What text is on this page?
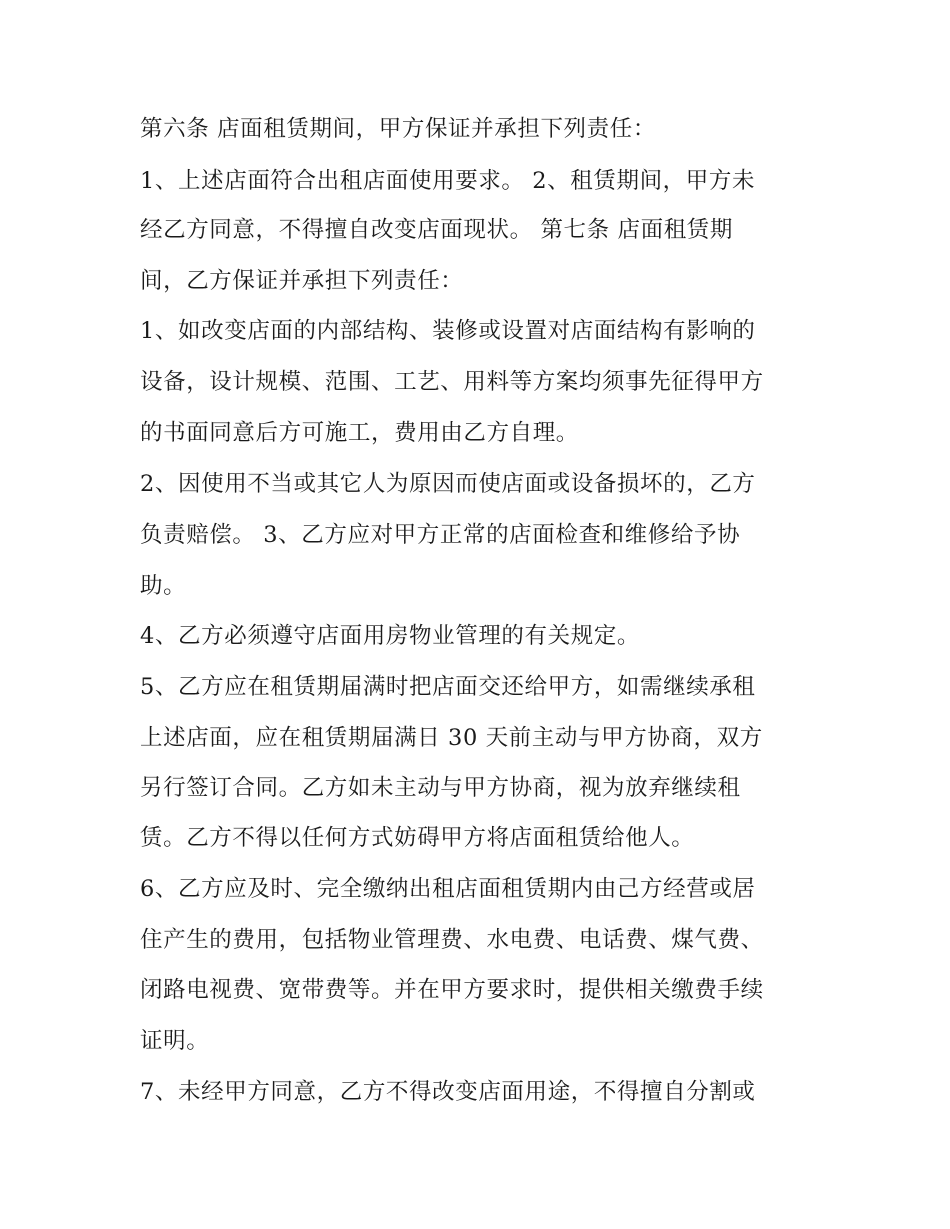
第六条 店面租赁期间，甲方保证并承担下列责任：
1、上述店面符合出租店面使用要求。 2、租赁期间，甲方未
经乙方同意，不得擅自改变店面现状。 第七条 店面租赁期
间，乙方保证并承担下列责任：
1、如改变店面的内部结构、装修或设置对店面结构有影响的
设备，设计规模、范围、工艺、用料等方案均须事先征得甲方
的书面同意后方可施工，费用由乙方自理。
2、因使用不当或其它人为原因而使店面或设备损坏的，乙方
负责赔偿。 3、乙方应对甲方正常的店面检查和维修给予协
助。
4、乙方必须遵守店面用房物业管理的有关规定。
5、乙方应在租赁期届满时把店面交还给甲方，如需继续承租
上述店面，应在租赁期届满日 30 天前主动与甲方协商，双方
另行签订合同。乙方如未主动与甲方协商，视为放弃继续租
赁。乙方不得以任何方式妨碍甲方将店面租赁给他人。
6、乙方应及时、完全缴纳出租店面租赁期内由己方经营或居
住产生的费用，包括物业管理费、水电费、电话费、煤气费、
闭路电视费、宽带费等。并在甲方要求时，提供相关缴费手续
证明。
7、未经甲方同意，乙方不得改变店面用途，不得擅自分割或
